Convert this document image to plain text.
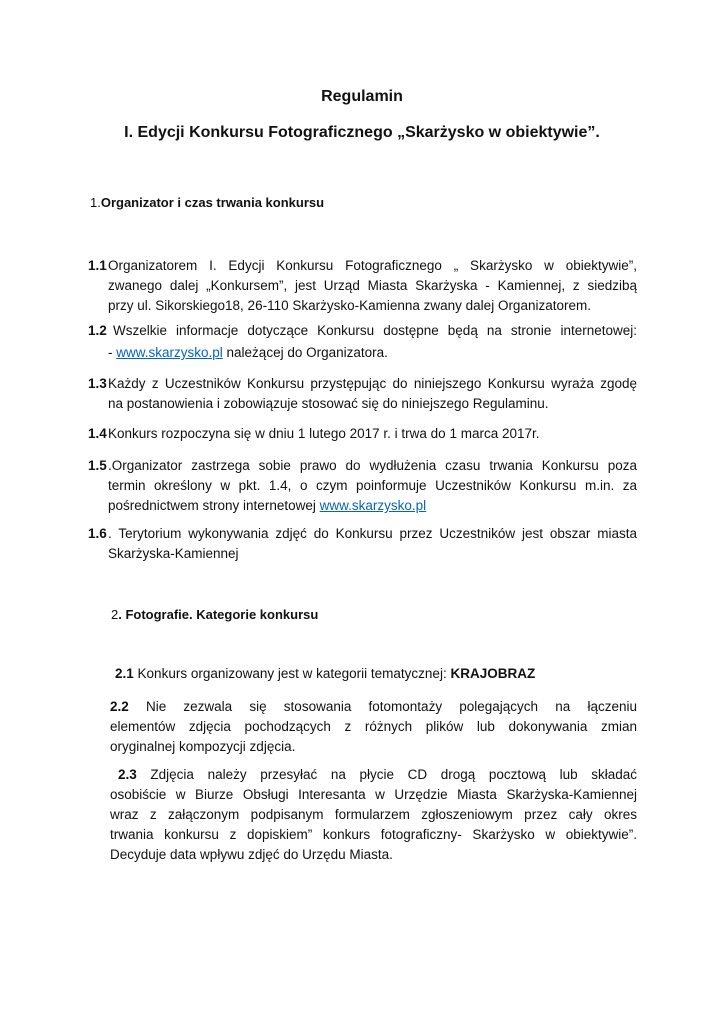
Regulamin
I. Edycji Konkursu Fotograficznego „Skarżysko w obiektywie”.
1.Organizator i czas trwania konkursu
1.1 Organizatorem I. Edycji Konkursu Fotograficznego „ Skarżysko w obiektywie”,
zwanego dalej „Konkursem”, jest Urząd Miasta Skarżyska - Kamiennej, z siedzibą
przy ul. Sikorskiego18, 26-110 Skarżysko-Kamienna zwany dalej Organizatorem.
1.2 Wszelkie informacje dotyczące Konkursu dostępne będą na stronie internetowej:
- www.skarzysko.pl należącej do Organizatora.
1.3 Każdy z Uczestników Konkursu przystępując do niniejszego Konkursu wyraża zgodę
na postanowienia i zobowiązuje stosować się do niniejszego Regulaminu.
1.4 Konkurs rozpoczyna się w dniu 1 lutego 2017 r. i trwa do 1 marca 2017r.
1.5 .Organizator zastrzega sobie prawo do wydłużenia czasu trwania Konkursu poza
termin określony w pkt. 1.4, o czym poinformuje Uczestników Konkursu m.in. za
pośrednictwem strony internetowej www.skarzysko.pl
1.6 . Terytorium wykonywania zdjęć do Konkursu przez Uczestników jest obszar miasta
Skarżyska-Kamiennej
2. Fotografie. Kategorie konkursu
2.1 Konkurs organizowany jest w kategorii tematycznej: KRAJOBRAZ
2.2 Nie zezwala się stosowania fotomontaży polegających na łączeniu
elementów zdjęcia pochodzących z różnych plików lub dokonywania zmian
oryginalnej kompozycji zdjęcia.
2.3 Zdjęcia należy przesyłać na płycie CD drogą pocztową lub składać
osobiście w Biurze Obsługi Interesanta w Urzędzie Miasta Skarżyska-Kamiennej
wraz z załączonym podpisanym formularzem zgłoszeniowym przez cały okres
trwania konkursu z dopiskiem” konkurs fotograficzny- Skarżysko w obiektywie”.
Decyduje data wpływu zdjęć do Urzędu Miasta.
